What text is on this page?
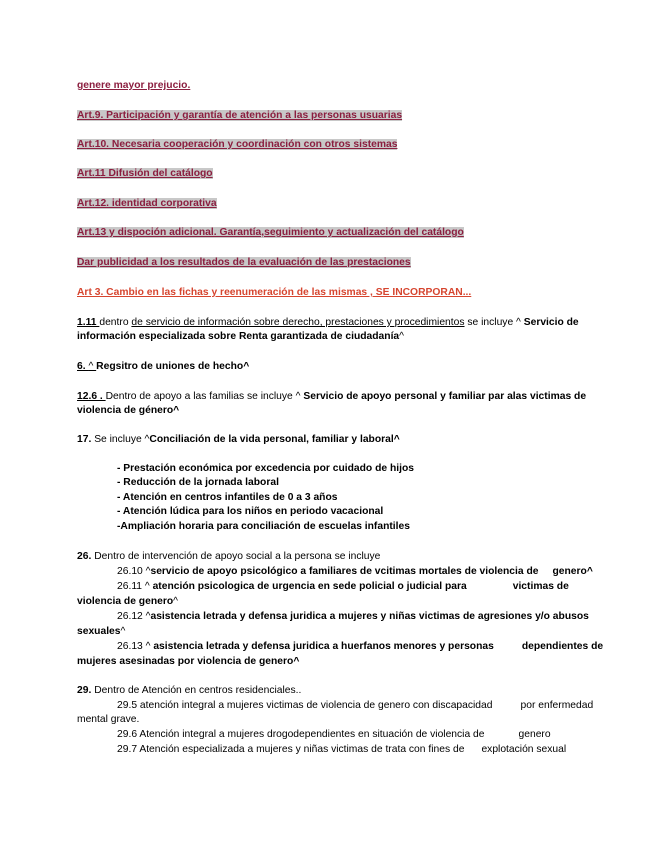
genere mayor prejucio.
Art.9. Participación y garantía de atención a las personas usuarias
Art.10. Necesaria cooperación y coordinación con otros sistemas
Art.11 Difusión del catálogo
Art.12. identidad corporativa
Art.13 y dispoción adicional. Garantía,seguimiento y actualización del catálogo
Dar publicidad a los resultados de la evaluación de las prestaciones
Art 3. Cambio en las fichas y reenumeración de las mismas , SE INCORPORAN...
1.11 dentro de servicio de información sobre derecho, prestaciones y procedimientos se incluye ^ Servicio de
información especializada sobre Renta garantizada de ciudadanía^
6. ^ Regsitro de uniones de hecho^
12.6 . Dentro de apoyo a las familias se incluye ^ Servicio de apoyo personal y familiar par alas victimas de
violencia de género^
17. Se incluye ^Conciliación de la vida personal, familiar y laboral^
- Prestación económica por excedencia por cuidado de hijos
- Reducción de la jornada laboral
- Atención en centros infantiles de 0 a 3 años
- Atención lúdica para los niños en periodo vacacional
-Ampliación horaria para conciliación de escuelas infantiles
26. Dentro de intervención de apoyo social a la persona se incluye
26.10 ^servicio de apoyo psicológico a familiares de vcitimas mortales de violencia de genero^
26.11 ^ atención psicologica de urgencia en sede policial o judicial para	victimas de
violencia de genero^
26.12 ^asistencia letrada y defensa juridica a mujeres y niñas victimas de agresiones y/o abusos
sexuales^
26.13 ^ asistencia letrada y defensa juridica a huerfanos menores y personas	dependientes de
mujeres asesinadas por violencia de genero^
29. Dentro de Atención en centros residenciales..
29.5 atención integral a mujeres victimas de violencia de genero con discapacidad	por enfermedad
mental grave.
29.6 Atención integral a mujeres drogodependientes en situación de violencia de	genero
29.7 Atención especializada a mujeres y niñas victimas de trata con fines de explotación sexual
